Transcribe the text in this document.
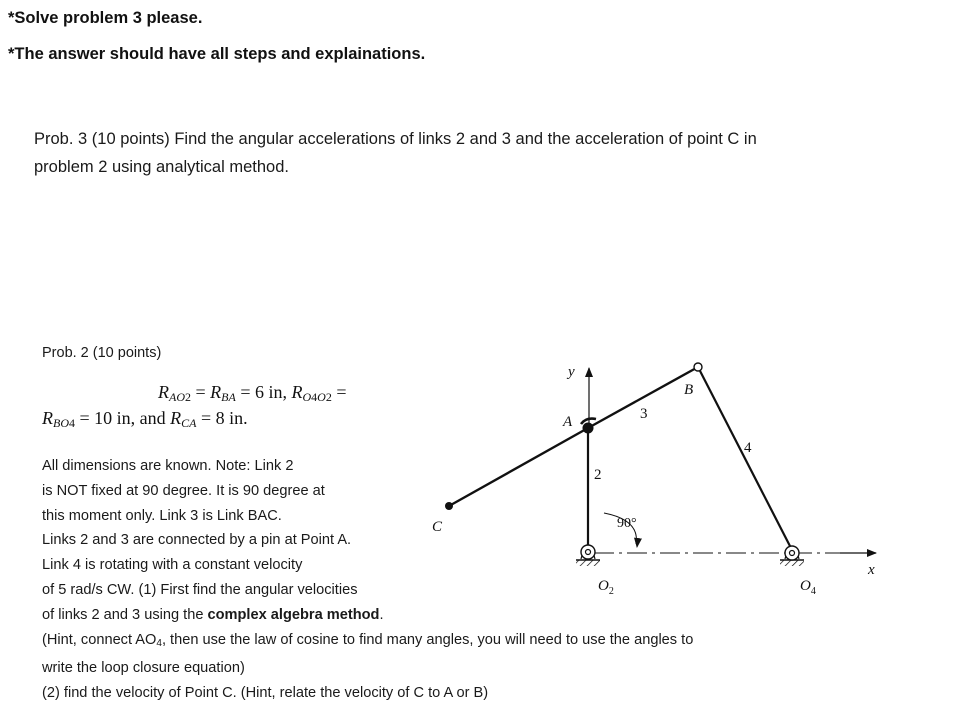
*Solve problem 3 please.
*The answer should have all steps and explainations.
Prob. 3 (10 points) Find the angular accelerations of links 2 and 3 and the acceleration of point C in
problem 2 using analytical method.
Prob. 2 (10 points)
$R_{AO2} = R_{BA} = 6$ in, $R_{O4O2}$ =
$R_{BO4} = 10$ in, and $R_{CA} = 8$ in.
All dimensions are known. Note: Link 2
is NOT fixed at 90 degree. It is 90 degree at
this moment only. Link 3 is Link BAC.
Links 2 and 3 are connected by a pin at Point A.
Link 4 is rotating with a constant velocity
of 5 rad/s CW. (1) First find the angular velocities
of links 2 and 3 using the complex algebra method.
(Hint, connect $AO_4$, then use the law of cosine to find many angles, you will need to use the angles to
write the loop closure equation)
(2) find the velocity of Point C. (Hint, relate the velocity of C to A or B)
y
x
A
B
C
2
3
4
90°
$O_2$	$O_4$
